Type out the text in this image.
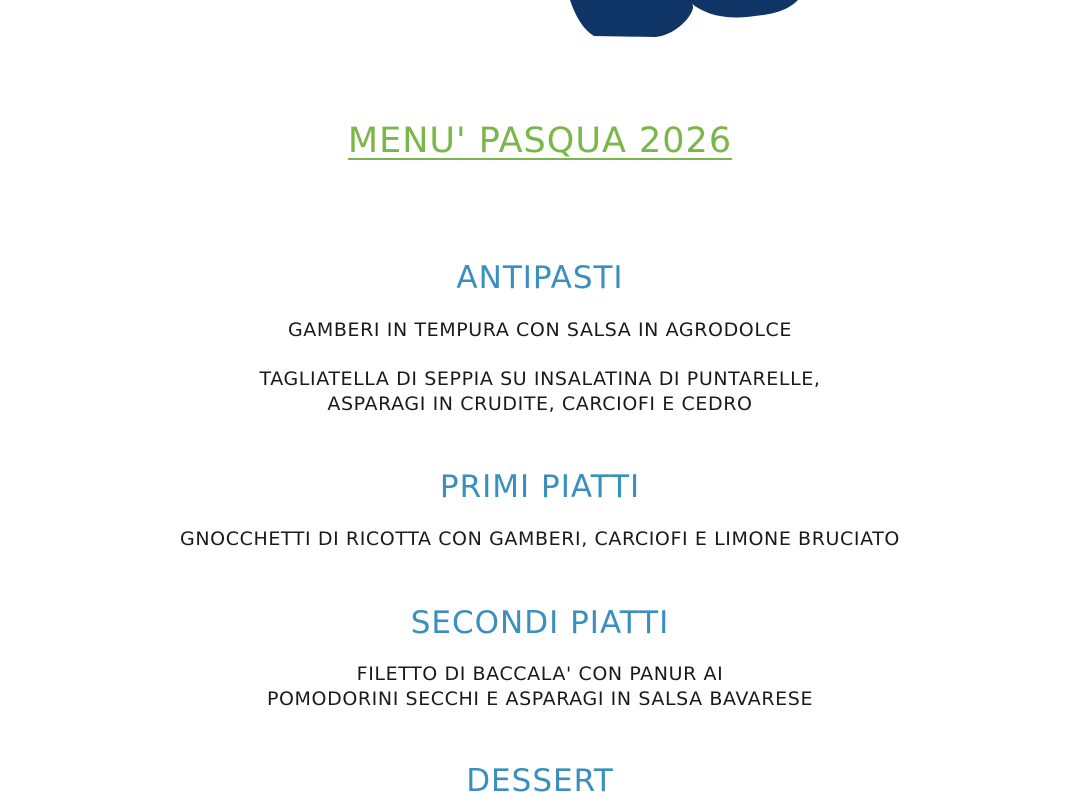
MENU' PASQUA 2026
ANTIPASTI
GAMBERI IN TEMPURA CON SALSA IN AGRODOLCE
TAGLIATELLA DI SEPPIA SU INSALATINA DI PUNTARELLE,
ASPARAGI IN CRUDITE, CARCIOFI E CEDRO
PRIMI PIATTI
GNOCCHETTI DI RICOTTA CON GAMBERI, CARCIOFI E LIMONE BRUCIATO
SECONDI PIATTI
FILETTO DI BACCALA' CON PANUR AI
POMODORINI SECCHI E ASPARAGI IN SALSA BAVARESE
DESSERT
